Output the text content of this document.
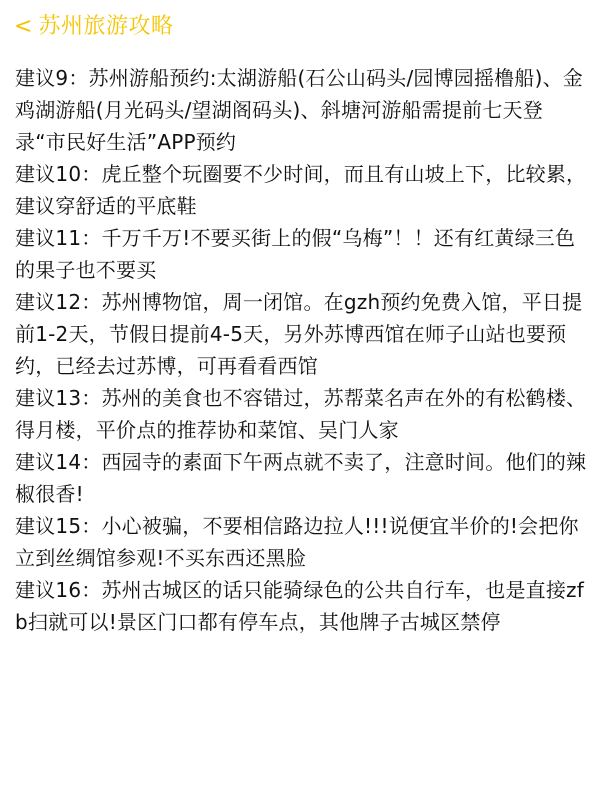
< 苏州旅游攻略

建议9：苏州游船预约:太湖游船(石公山码头/园博园摇橹船)、金鸡湖游船(月光码头/望湖阁码头)、斜塘河游船需提前七天登录“市民好生活”APP预约

建议10：虎丘整个玩圈要不少时间，而且有山坡上下，比较累，建议穿舒适的平底鞋

建议11：千万千万!不要买街上的假“乌梅”！！还有红黄绿三色的果子也不要买

建议12：苏州博物馆，周一闭馆。在gzh预约免费入馆，平日提前1-2天，节假日提前4-5天，另外苏博西馆在师子山站也要预约，已经去过苏博，可再看看西馆

建议13：苏州的美食也不容错过，苏帮菜名声在外的有松鹤楼、得月楼，平价点的推荐协和菜馆、吴门人家

建议14：西园寺的素面下午两点就不卖了，注意时间。他们的辣椒很香!

建议15：小心被骗，不要相信路边拉人!!!说便宜半价的!会把你立到丝绸馆参观!不买东西还黑脸

建议16：苏州古城区的话只能骑绿色的公共自行车，也是直接zfb扫就可以!景区门口都有停车点，其他牌子古城区禁停
